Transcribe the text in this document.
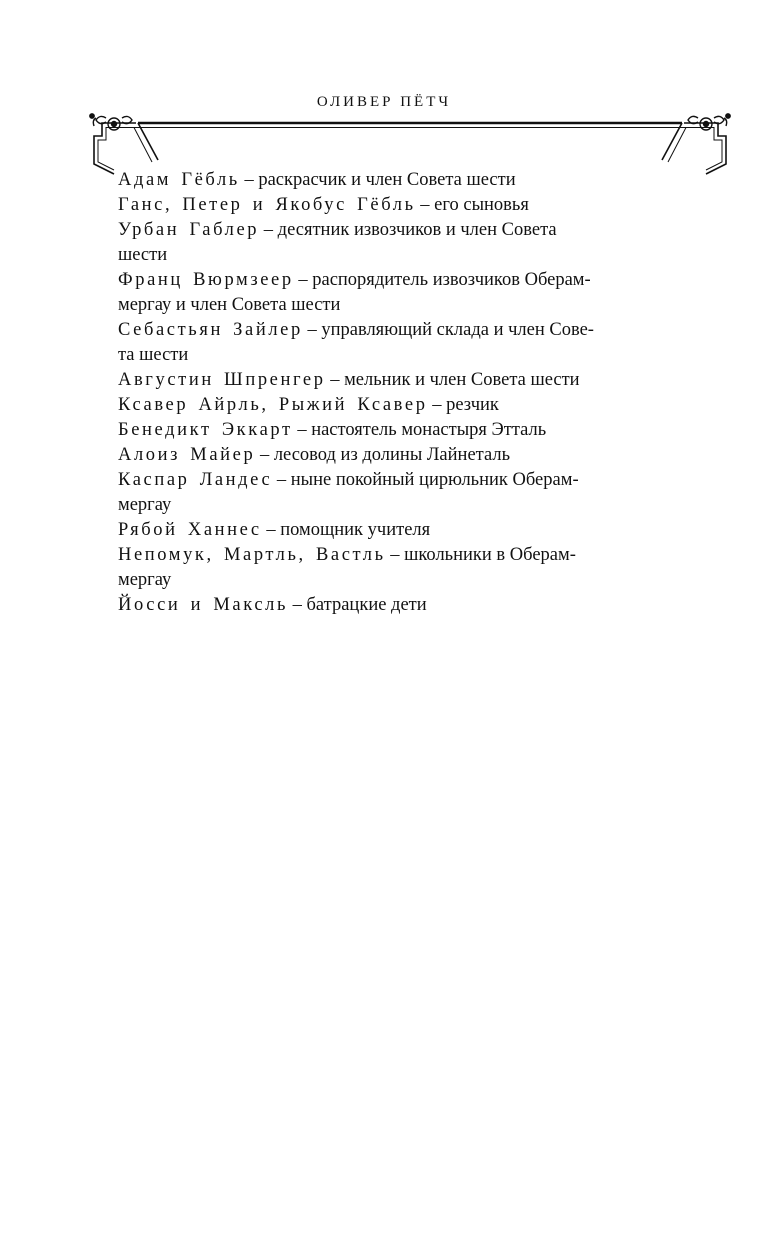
ОЛИВЕР ПЁТЧ

Адам Гёбль – раскрасчик и член Совета шести

Ганс, Петер и Якобус Гёбль – его сыновья

Урбан Габлер – десятник извозчиков и член Совета
шести

Франц Вюрмзеер – распорядитель извозчиков Оберам-
мергау и член Совета шести

Себастьян Зайлер – управляющий склада и член Сове-
та шести

Августин Шпренгер – мельник и член Совета шести

Ксавер Айрль, Рыжий Ксавер – резчик

Бенедикт Эккарт – настоятель монастыря Этталь

Алоиз Майер – лесовод из долины Лайнеталь

Каспар Ландес – ныне покойный цирюльник Оберам-
мергау

Рябой Ханнес – помощник учителя

Непомук, Мартль, Вастль – школьники в Оберам-
мергау

Йосси и Максль – батрацкие дети
